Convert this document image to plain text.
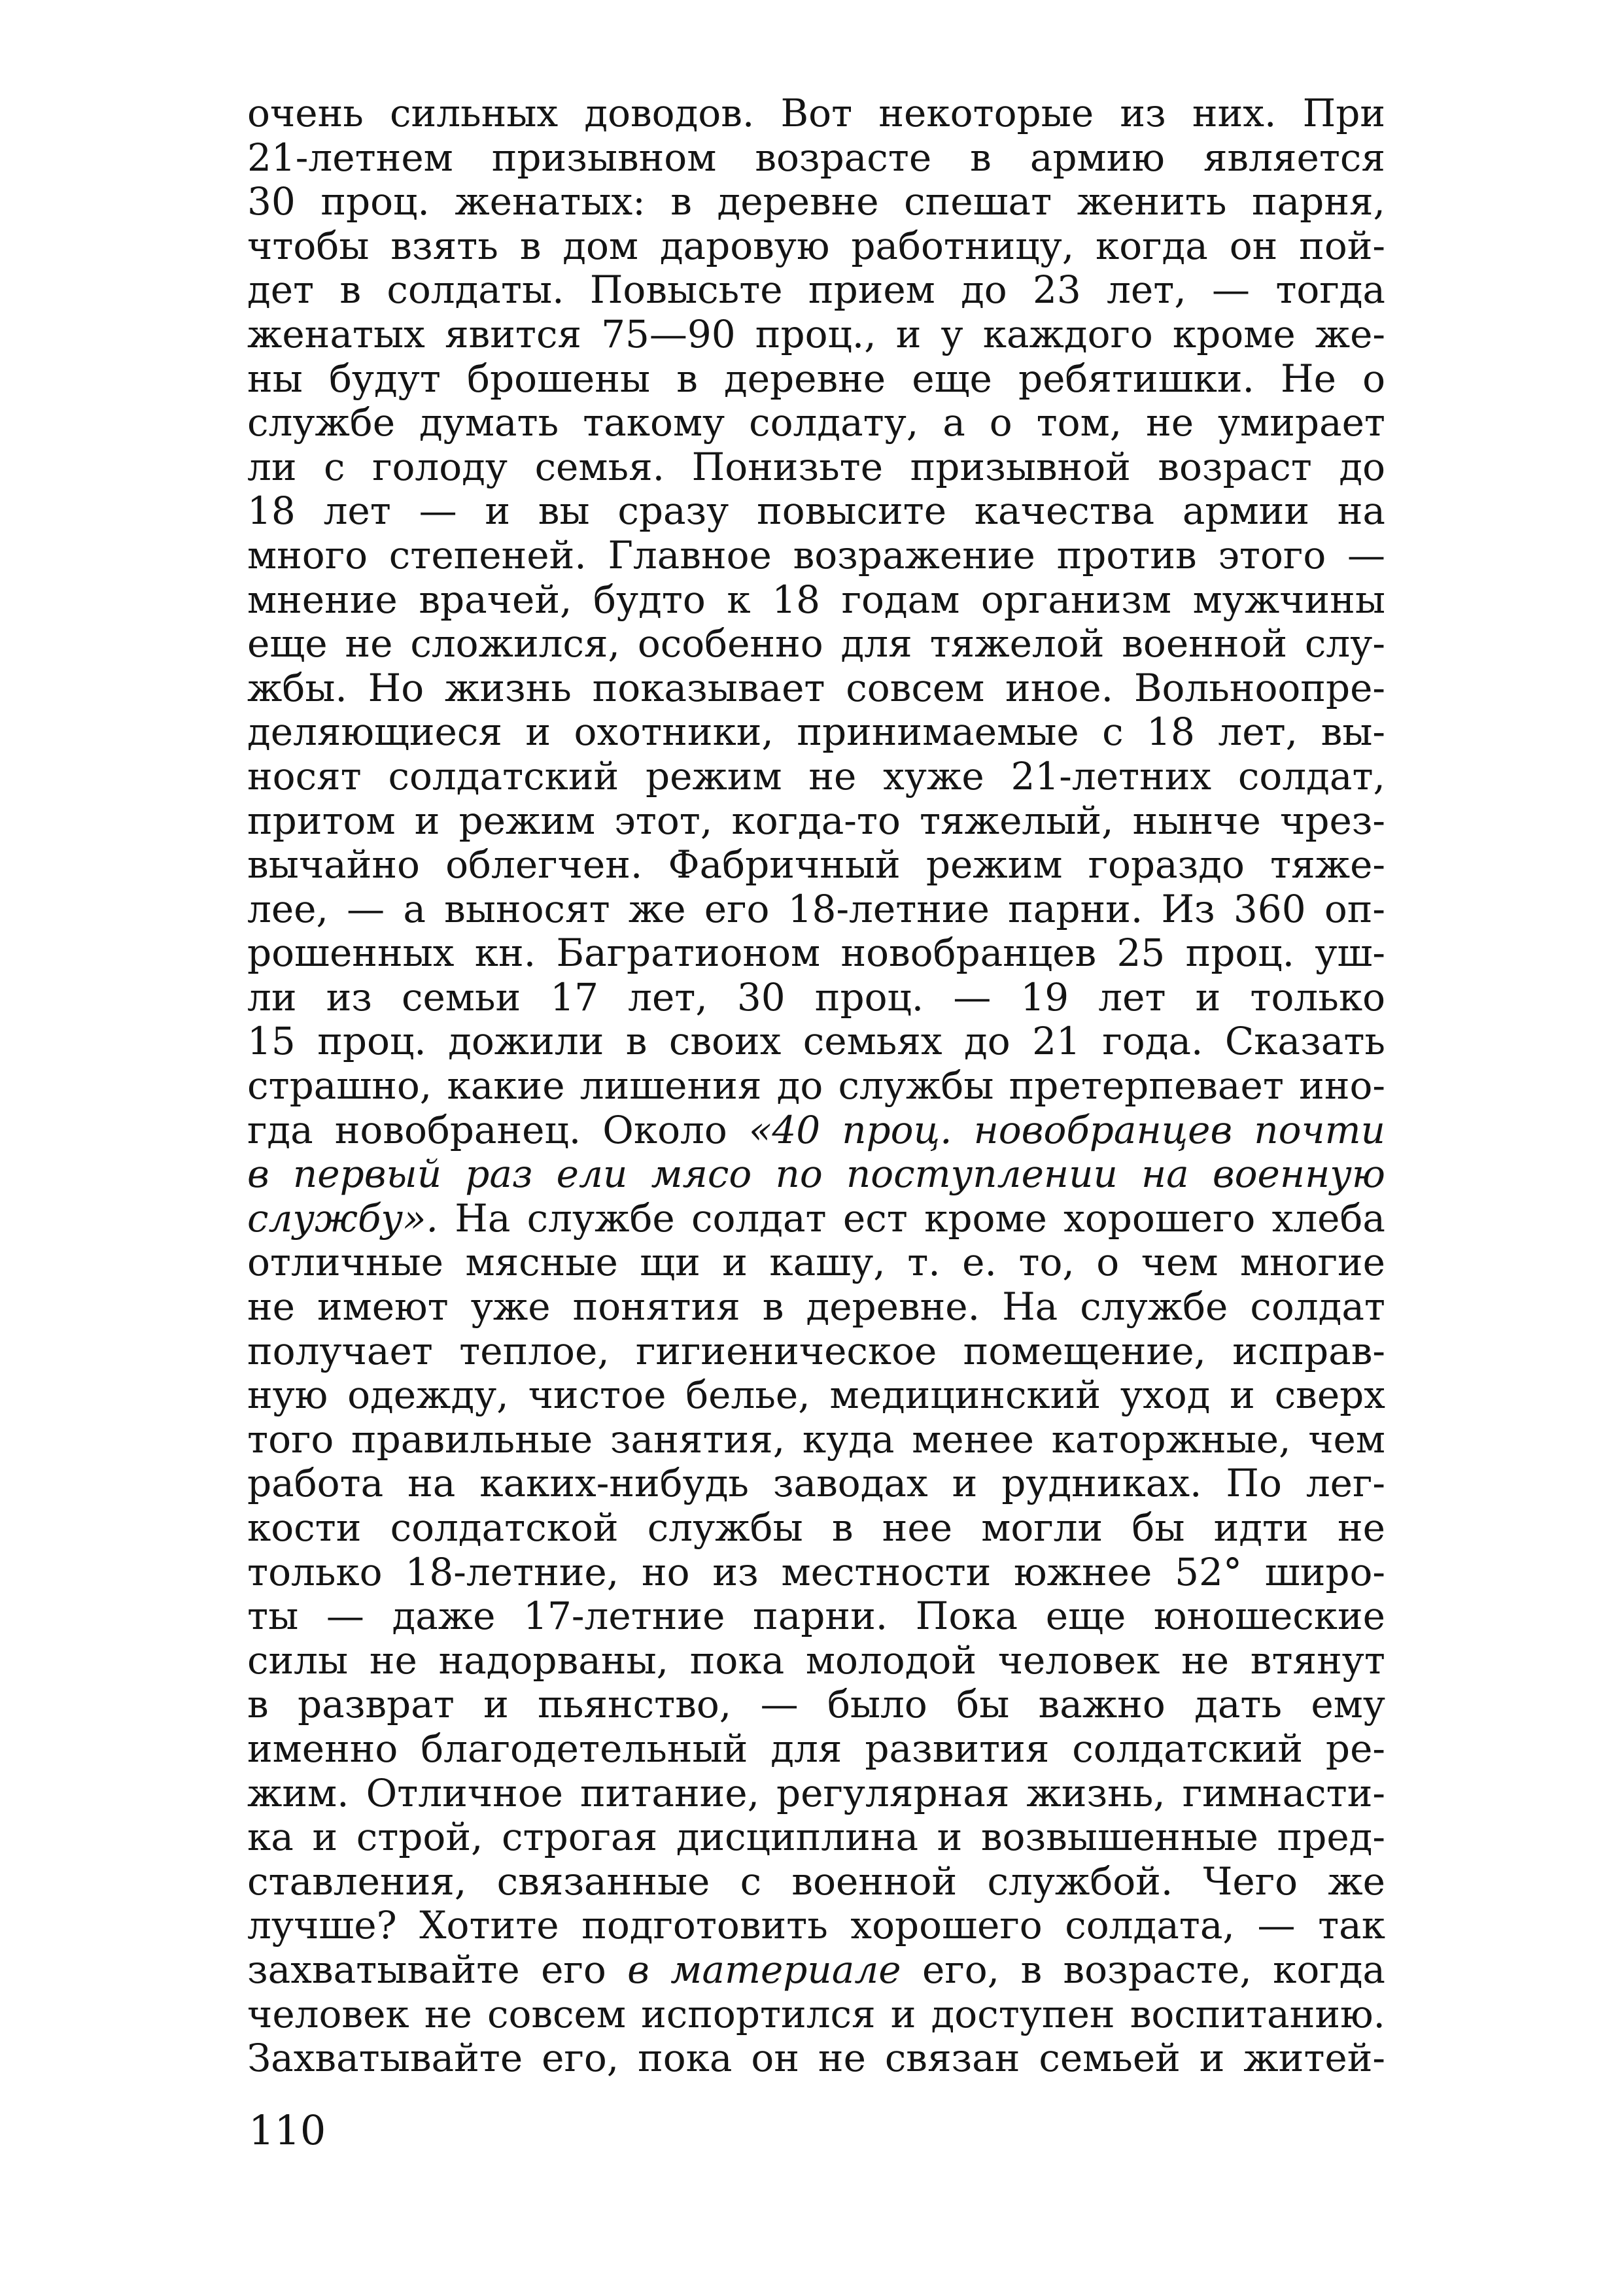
очень сильных доводов. Вот некоторые из них. При
21-летнем призывном возрасте в армию является
30 проц. женатых: в деревне спешат женить парня,
чтобы взять в дом даровую работницу, когда он пой-
дет в солдаты. Повысьте прием до 23 лет, — тогда
женатых явится 75—90 проц., и у каждого кроме же-
ны будут брошены в деревне еще ребятишки. Не о
службе думать такому солдату, а о том, не умирает
ли с голоду семья. Понизьте призывной возраст до
18 лет — и вы сразу повысите качества армии на
много степеней. Главное возражение против этого —
мнение врачей, будто к 18 годам организм мужчины
еще не сложился, особенно для тяжелой военной слу-
жбы. Но жизнь показывает совсем иное. Вольноопре-
деляющиеся и охотники, принимаемые с 18 лет, вы-
носят солдатский режим не хуже 21-летних солдат,
притом и режим этот, когда-то тяжелый, нынче чрез-
вычайно облегчен. Фабричный режим гораздо тяже-
лее, — а выносят же его 18-летние парни. Из 360 оп-
рошенных кн. Багратионом новобранцев 25 проц. уш-
ли из семьи 17 лет, 30 проц. — 19 лет и только
15 проц. дожили в своих семьях до 21 года. Сказать
страшно, какие лишения до службы претерпевает ино-
гда новобранец. Около «40 проц. новобранцев почти
в первый раз ели мясо по поступлении на военную
службу». На службе солдат ест кроме хорошего хлеба
отличные мясные щи и кашу, т. е. то, о чем многие
не имеют уже понятия в деревне. На службе солдат
получает теплое, гигиеническое помещение, исправ-
ную одежду, чистое белье, медицинский уход и сверх
того правильные занятия, куда менее каторжные, чем
работа на каких-нибудь заводах и рудниках. По лег-
кости солдатской службы в нее могли бы идти не
только 18-летние, но из местности южнее 52° широ-
ты — даже 17-летние парни. Пока еще юношеские
силы не надорваны, пока молодой человек не втянут
в разврат и пьянство, — было бы важно дать ему
именно благодетельный для развития солдатский ре-
жим. Отличное питание, регулярная жизнь, гимнасти-
ка и строй, строгая дисциплина и возвышенные пред-
ставления, связанные с военной службой. Чего же
лучше? Хотите подготовить хорошего солдата, — так
захватывайте его в материале его, в возрасте, когда
человек не совсем испортился и доступен воспитанию.
Захватывайте его, пока он не связан семьей и житей-
110
